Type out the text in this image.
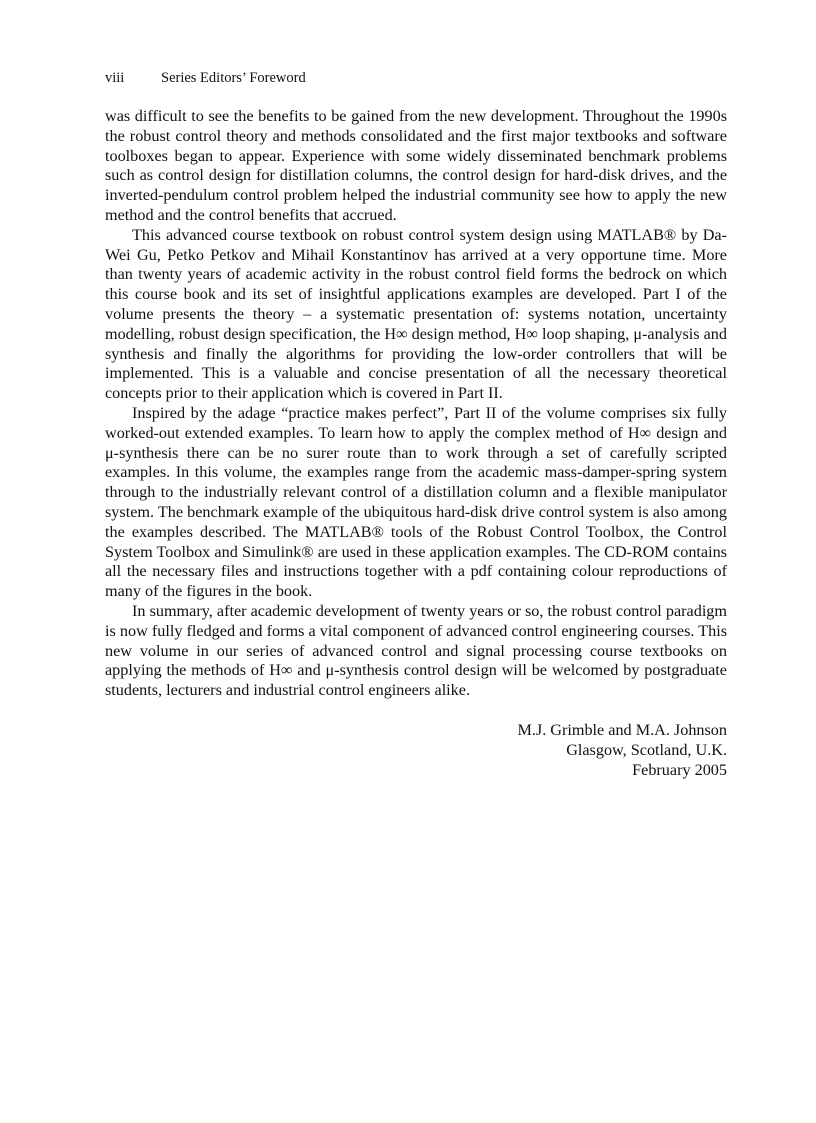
viii	Series Editors’ Foreword

was difficult to see the benefits to be gained from the new development. Throughout the 1990s the robust control theory and methods consolidated and the first major textbooks and software toolboxes began to appear. Experience with some widely disseminated benchmark problems such as control design for distillation columns, the control design for hard-disk drives, and the inverted-pendulum control problem helped the industrial community see how to apply the new method and the control benefits that accrued.

This advanced course textbook on robust control system design using MATLAB® by Da-Wei Gu, Petko Petkov and Mihail Konstantinov has arrived at a very opportune time. More than twenty years of academic activity in the robust control field forms the bedrock on which this course book and its set of insightful applications examples are developed. Part I of the volume presents the theory – a systematic presentation of: systems notation, uncertainty modelling, robust design specification, the H∞ design method, H∞ loop shaping, μ-analysis and synthesis and finally the algorithms for providing the low-order controllers that will be implemented. This is a valuable and concise presentation of all the necessary theoretical concepts prior to their application which is covered in Part II.

Inspired by the adage “practice makes perfect”, Part II of the volume comprises six fully worked-out extended examples. To learn how to apply the complex method of H∞ design and μ-synthesis there can be no surer route than to work through a set of carefully scripted examples. In this volume, the examples range from the academic mass-damper-spring system through to the industrially relevant control of a distillation column and a flexible manipulator system. The benchmark example of the ubiquitous hard-disk drive control system is also among the examples described. The MATLAB® tools of the Robust Control Toolbox, the Control System Toolbox and Simulink® are used in these application examples. The CD-ROM contains all the necessary files and instructions together with a pdf containing colour reproductions of many of the figures in the book.

In summary, after academic development of twenty years or so, the robust control paradigm is now fully fledged and forms a vital component of advanced control engineering courses. This new volume in our series of advanced control and signal processing course textbooks on applying the methods of H∞ and μ-synthesis control design will be welcomed by postgraduate students, lecturers and industrial control engineers alike.

M.J. Grimble and M.A. Johnson
Glasgow, Scotland, U.K.
February 2005
